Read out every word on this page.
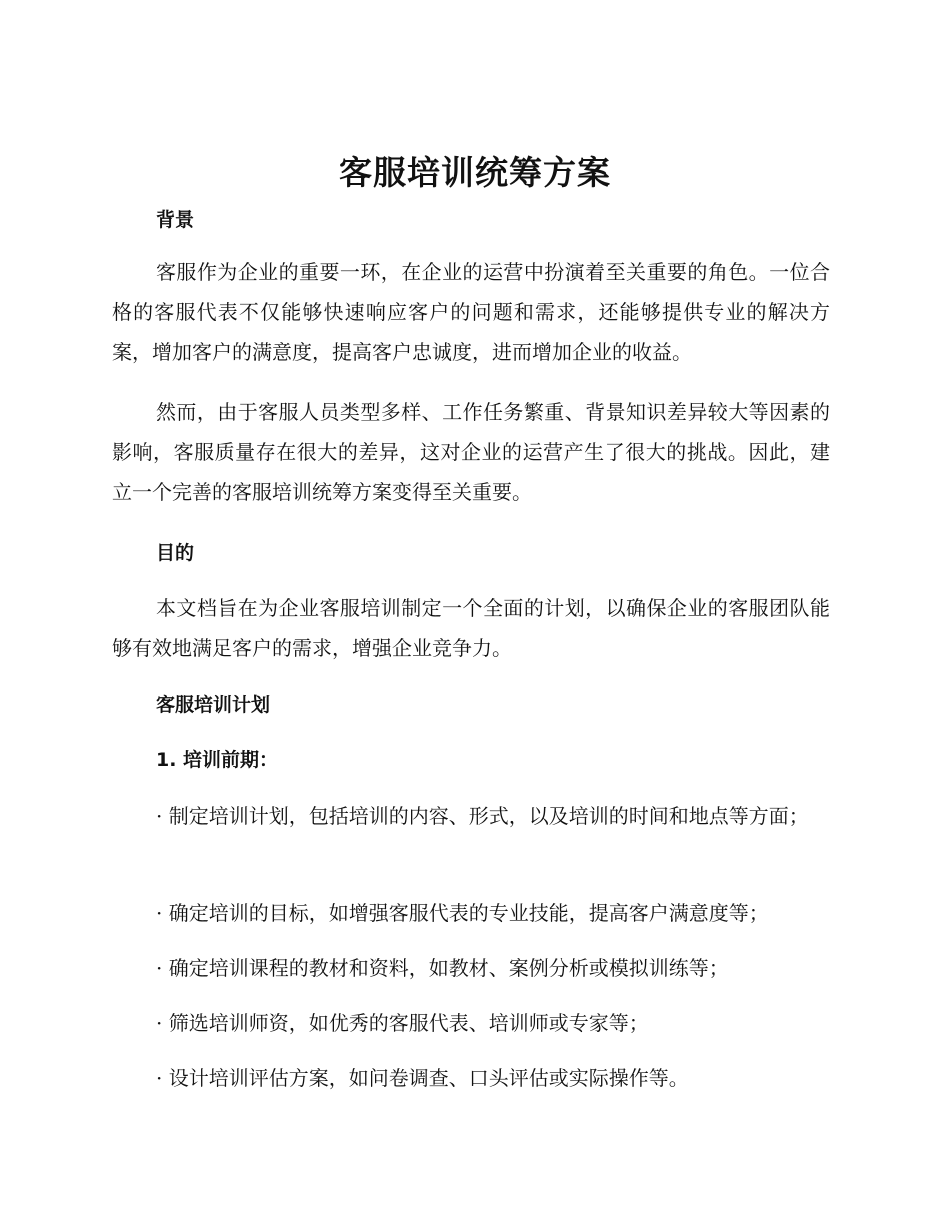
客服培训统筹方案
背景
客服作为企业的重要一环，在企业的运营中扮演着至关重要的角色。一位合格的客服代表不仅能够快速响应客户的问题和需求，还能够提供专业的解决方案，增加客户的满意度，提高客户忠诚度，进而增加企业的收益。
然而，由于客服人员类型多样、工作任务繁重、背景知识差异较大等因素的影响，客服质量存在很大的差异，这对企业的运营产生了很大的挑战。因此，建立一个完善的客服培训统筹方案变得至关重要。
目的
本文档旨在为企业客服培训制定一个全面的计划，以确保企业的客服团队能够有效地满足客户的需求，增强企业竞争力。
客服培训计划
1. 培训前期：
· 制定培训计划，包括培训的内容、形式，以及培训的时间和地点等方面；
· 确定培训的目标，如增强客服代表的专业技能，提高客户满意度等；
· 确定培训课程的教材和资料，如教材、案例分析或模拟训练等；
· 筛选培训师资，如优秀的客服代表、培训师或专家等；
· 设计培训评估方案，如问卷调查、口头评估或实际操作等。
